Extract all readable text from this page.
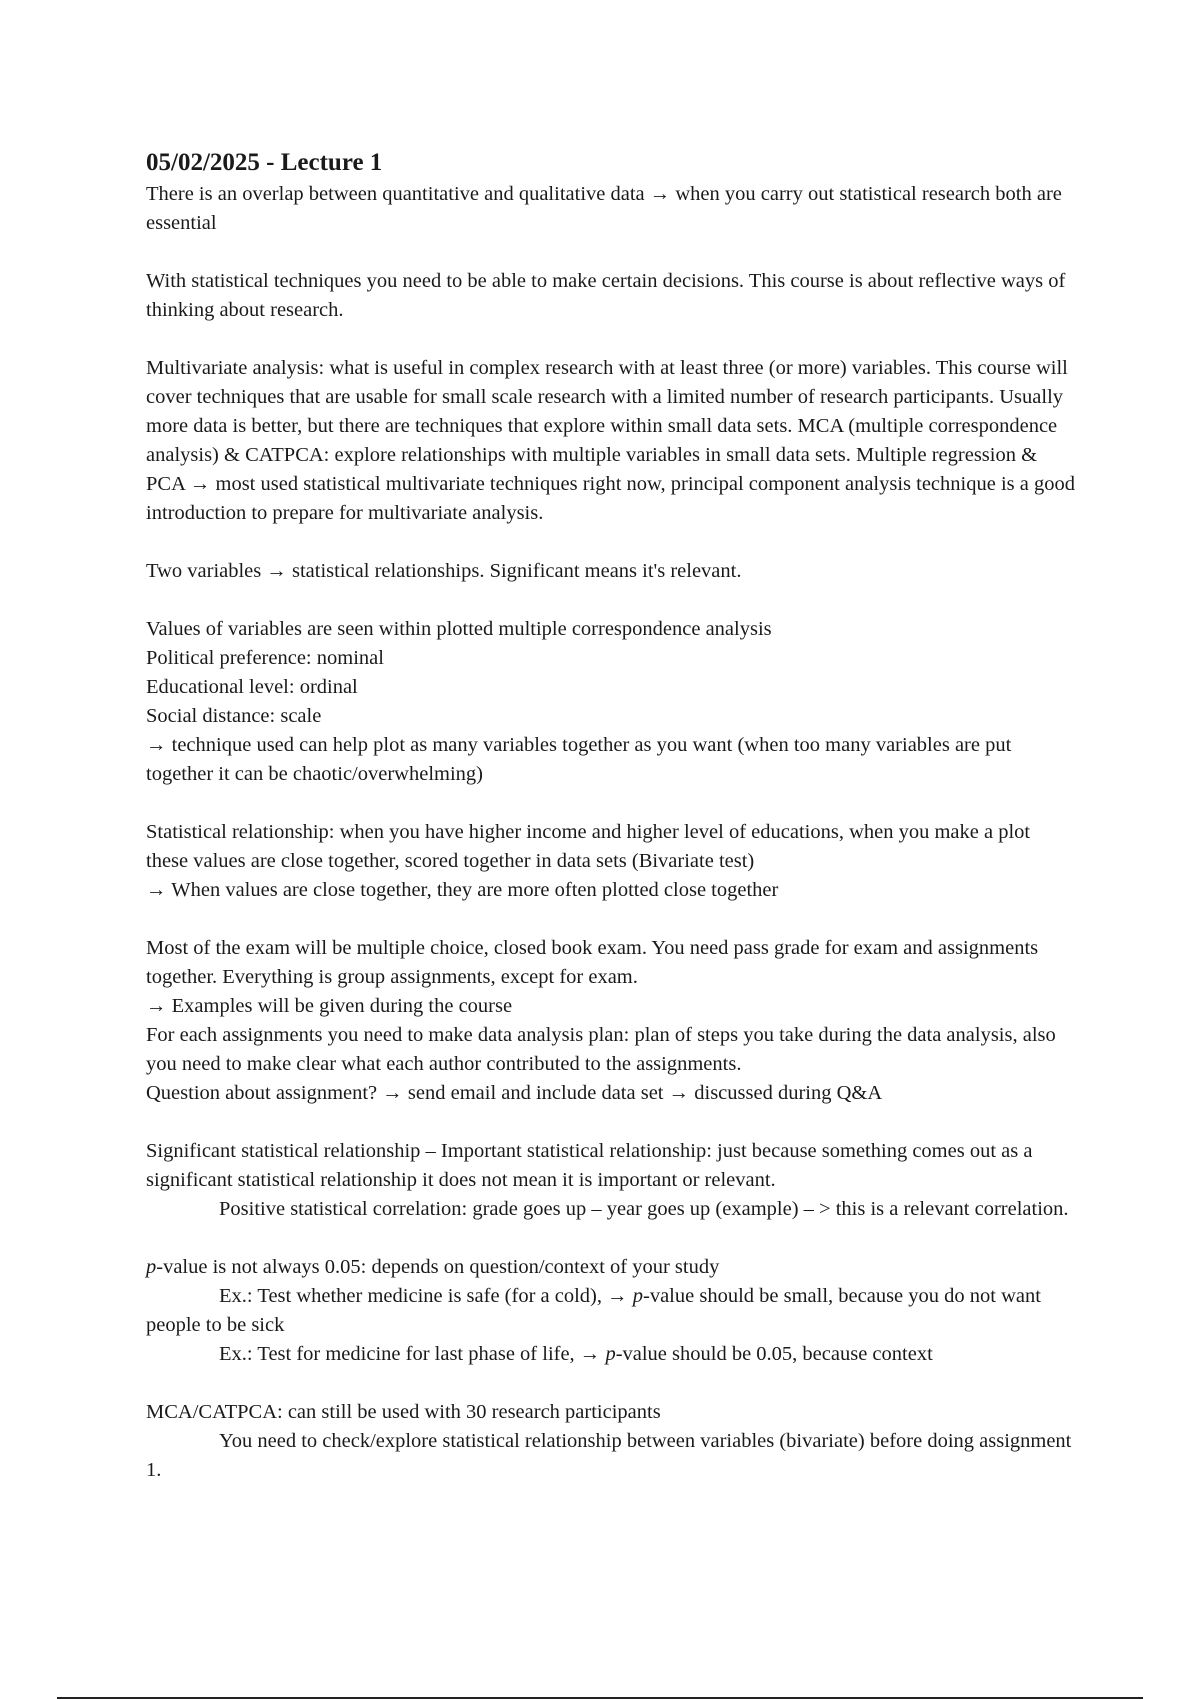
05/02/2025 - Lecture 1

There is an overlap between quantitative and qualitative data → when you carry out statistical research both are essential

With statistical techniques you need to be able to make certain decisions. This course is about reflective ways of thinking about research.

Multivariate analysis: what is useful in complex research with at least three (or more) variables. This course will cover techniques that are usable for small scale research with a limited number of research participants. Usually more data is better, but there are techniques that explore within small data sets. MCA (multiple correspondence analysis) & CATPCA: explore relationships with multiple variables in small data sets. Multiple regression & PCA → most used statistical multivariate techniques right now, principal component analysis technique is a good introduction to prepare for multivariate analysis.

Two variables → statistical relationships. Significant means it's relevant.

Values of variables are seen within plotted multiple correspondence analysis
Political preference: nominal
Educational level: ordinal
Social distance: scale
→ technique used can help plot as many variables together as you want (when too many variables are put together it can be chaotic/overwhelming)
Statistical relationship: when you have higher income and higher level of educations, when you make a plot these values are close together, scored together in data sets (Bivariate test)
→ When values are close together, they are more often plotted close together
Most of the exam will be multiple choice, closed book exam. You need pass grade for exam and assignments together. Everything is group assignments, except for exam.
→ Examples will be given during the course
For each assignments you need to make data analysis plan: plan of steps you take during the data analysis, also you need to make clear what each author contributed to the assignments.
Question about assignment? → send email and include data set → discussed during Q&A
Significant statistical relationship – Important statistical relationship: just because something comes out as a significant statistical relationship it does not mean it is important or relevant.
Positive statistical correlation: grade goes up – year goes up (example) – > this is a relevant correlation.
p-value is not always 0.05: depends on question/context of your study
Ex.: Test whether medicine is safe (for a cold), → p-value should be small, because you do not want people to be sick
Ex.: Test for medicine for last phase of life, → p-value should be 0.05, because context
MCA/CATPCA: can still be used with 30 research participants
You need to check/explore statistical relationship between variables (bivariate) before doing assignment 1.
